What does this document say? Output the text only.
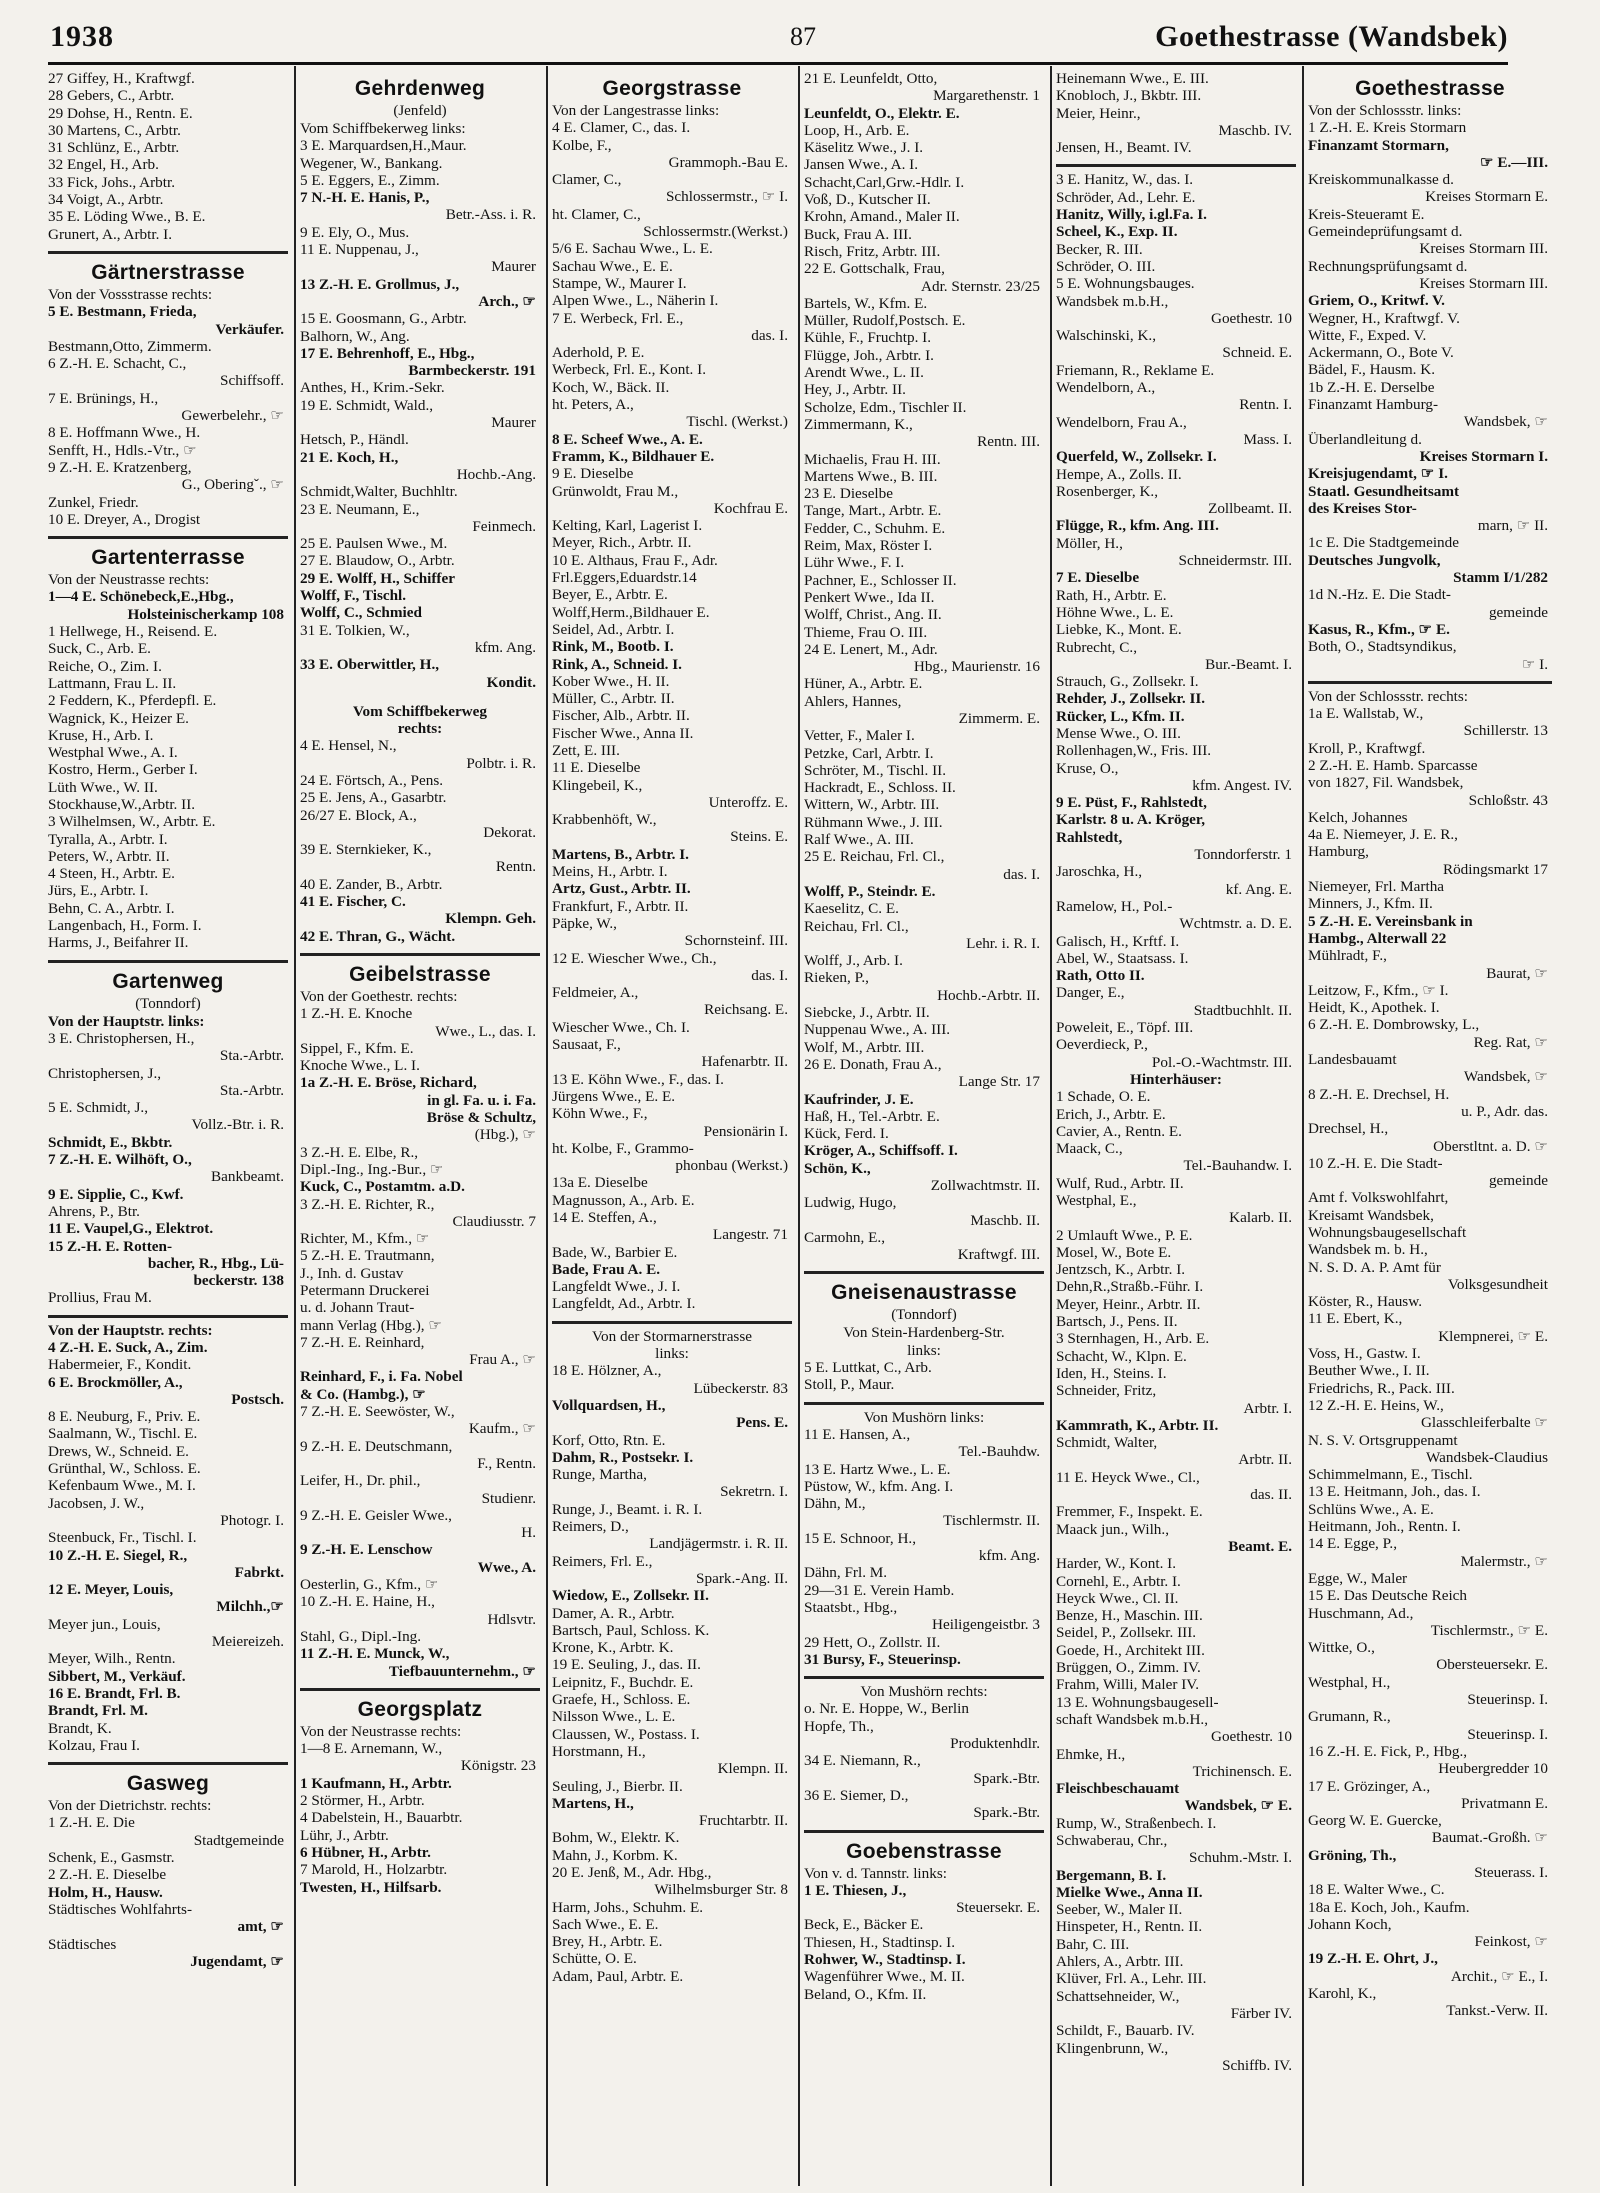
1938	87	Goethestrasse (Wandsbek)
27 Giffey, H., Kraftwgf.
28 Gebers, C., Arbtr.
29 Dohse, H., Rentn. E.
30 Martens, C., Arbtr.
31 Schlünz, E., Arbtr.
32 Engel, H., Arb.
33 Fick, Johs., Arbtr.
34 Voigt, A., Arbtr.
35 E. Löding Wwe., B. E.
Grunert, A., Arbtr. I.
Gärtnerstrasse
Von der Vossstrasse rechts:
5 E. Bestmann, Frieda,
Verkäufer.
Bestmann,Otto, Zimmerm.
6 Z.-H. E. Schacht, C.,
Schiffsoff.
7 E. Brünings, H.,
Gewerbelehr., ☞
8 E. Hoffmann Wwe., H.
Senfft, H., Hdls.-Vtr., ☞
9 Z.-H. E. Kratzenberg,
G., Oberingˇ., ☞
Zunkel, Friedr.
10 E. Dreyer, A., Drogist
Gartenterrasse
Von der Neustrasse rechts:
1—4 E. Schönebeck,E.,Hbg.,
Holsteinischerkamp 108
1 Hellwege, H., Reisend. E.
Suck, C., Arb. E.
Reiche, O., Zim. I.
Lattmann, Frau L. II.
2 Feddern, K., Pferdepfl. E.
Wagnick, K., Heizer E.
Kruse, H., Arb. I.
Westphal Wwe., A. I.
Kostro, Herm., Gerber I.
Lüth Wwe., W. II.
Stockhause,W.,Arbtr. II.
3 Wilhelmsen, W., Arbtr. E.
Tyralla, A., Arbtr. I.
Peters, W., Arbtr. II.
4 Steen, H., Arbtr. E.
Jürs, E., Arbtr. I.
Behn, C. A., Arbtr. I.
Langenbach, H., Form. I.
Harms, J., Beifahrer II.
Gartenweg
(Tonndorf)
Von der Hauptstr. links:
3 E. Christophersen, H.,
Sta.-Arbtr.
Christophersen, J.,
Sta.-Arbtr.
5 E. Schmidt, J.,
Vollz.-Btr. i. R.
Schmidt, E., Bkbtr.
7 Z.-H. E. Wilhöft, O.,
Bankbeamt.
9 E. Sipplie, C., Kwf.
Ahrens, P., Btr.
11 E. Vaupel,G., Elektrot.
15 Z.-H. E. Rotten-
bacher, R., Hbg., Lü-
beckerstr. 138
Prollius, Frau M.
Von der Hauptstr. rechts:
4 Z.-H. E. Suck, A., Zim.
Habermeier, F., Kondit.
6 E. Brockmöller, A.,
Postsch.
8 E. Neuburg, F., Priv. E.
Saalmann, W., Tischl. E.
Drews, W., Schneid. E.
Grünthal, W., Schloss. E.
Kefenbaum Wwe., M. I.
Jacobsen, J. W.,
Photogr. I.
Steenbuck, Fr., Tischl. I.
10 Z.-H. E. Siegel, R.,
Fabrkt.
12 E. Meyer, Louis,
Milchh.,☞
Meyer jun., Louis,
Meiereizeh.
Meyer, Wilh., Rentn.
Sibbert, M., Verkäuf.
16 E. Brandt, Frl. B.
Brandt, Frl. M.
Brandt, K.
Kolzau, Frau I.
Gasweg
Von der Dietrichstr. rechts:
1 Z.-H. E. Die
Stadtgemeinde
Schenk, E., Gasmstr.
2 Z.-H. E. Dieselbe
Holm, H., Hausw.
Städtisches Wohlfahrts-
amt, ☞
Städtisches
Jugendamt, ☞
Gehrdenweg
(Jenfeld)
Vom Schiffbekerweg links:
3 E. Marquardsen,H.,Maur.
Wegener, W., Bankang.
5 E. Eggers, E., Zimm.
7 N.-H. E. Hanis, P.,
Betr.-Ass. i. R.
9 E. Ely, O., Mus.
11 E. Nuppenau, J.,
Maurer
13 Z.-H. E. Grollmus, J.,
Arch., ☞
15 E. Goosmann, G., Arbtr.
Balhorn, W., Ang.
17 E. Behrenhoff, E., Hbg.,
Barmbeckerstr. 191
Anthes, H., Krim.-Sekr.
19 E. Schmidt, Wald.,
Maurer
Hetsch, P., Händl.
21 E. Koch, H.,
Hochb.-Ang.
Schmidt,Walter, Buchhltr.
23 E. Neumann, E.,
Feinmech.
25 E. Paulsen Wwe., M.
27 E. Blaudow, O., Arbtr.
29 E. Wolff, H., Schiffer
Wolff, F., Tischl.
Wolff, C., Schmied
31 E. Tolkien, W.,
kfm. Ang.
33 E. Oberwittler, H.,
Kondit.
Vom Schiffbekerweg
rechts:
4 E. Hensel, N.,
Polbtr. i. R.
24 E. Förtsch, A., Pens.
25 E. Jens, A., Gasarbtr.
26/27 E. Block, A.,
Dekorat.
39 E. Sternkieker, K.,
Rentn.
40 E. Zander, B., Arbtr.
41 E. Fischer, C.
Klempn. Geh.
42 E. Thran, G., Wächt.
Geibelstrasse
Von der Goethestr. rechts:
1 Z.-H. E. Knoche
Wwe., L., das. I.
Sippel, F., Kfm. E.
Knoche Wwe., L. I.
1a Z.-H. E. Bröse, Richard,
in gl. Fa. u. i. Fa.
Bröse & Schultz,
(Hbg.), ☞
3 Z.-H. E. Elbe, R.,
Dipl.-Ing., Ing.-Bur., ☞
Kuck, C., Postamtm. a.D.
3 Z.-H. E. Richter, R.,
Claudiusstr. 7
Richter, M., Kfm., ☞
5 Z.-H. E. Trautmann,
J., Inh. d. Gustav
Petermann Druckerei
u. d. Johann Traut-
mann Verlag (Hbg.), ☞
7 Z.-H. E. Reinhard,
Frau A., ☞
Reinhard, F., i. Fa. Nobel
& Co. (Hambg.), ☞
7 Z.-H. E. Seewöster, W.,
Kaufm., ☞
9 Z.-H. E. Deutschmann,
F., Rentn.
Leifer, H., Dr. phil.,
Studienr.
9 Z.-H. E. Geisler Wwe.,
H.
9 Z.-H. E. Lenschow
Wwe., A.
Oesterlin, G., Kfm., ☞
10 Z.-H. E. Haine, H.,
Hdlsvtr.
Stahl, G., Dipl.-Ing.
11 Z.-H. E. Munck, W.,
Tiefbauunternehm., ☞
Georgsplatz
Von der Neustrasse rechts:
1—8 E. Arnemann, W.,
Königstr. 23
1 Kaufmann, H., Arbtr.
2 Störmer, H., Arbtr.
4 Dabelstein, H., Bauarbtr.
Lühr, J., Arbtr.
6 Hübner, H., Arbtr.
7 Marold, H., Holzarbtr.
Twesten, H., Hilfsarb.
Georgstrasse
Von der Langestrasse links:
4 E. Clamer, C., das. I.
Kolbe, F.,
Grammoph.-Bau E.
Clamer, C.,
Schlossermstr., ☞ I.
ht. Clamer, C.,
Schlossermstr.(Werkst.)
5/6 E. Sachau Wwe., L. E.
Sachau Wwe., E. E.
Stampe, W., Maurer I.
Alpen Wwe., L., Näherin I.
7 E. Werbeck, Frl. E.,
das. I.
Aderhold, P. E.
Werbeck, Frl. E., Kont. I.
Koch, W., Bäck. II.
ht. Peters, A.,
Tischl. (Werkst.)
8 E. Scheef Wwe., A. E.
Framm, K., Bildhauer E.
9 E. Dieselbe
Grünwoldt, Frau M.,
Kochfrau E.
Kelting, Karl, Lagerist I.
Meyer, Rich., Arbtr. II.
10 E. Althaus, Frau F., Adr.
Frl.Eggers,Eduardstr.14
Beyer, E., Arbtr. E.
Wolff,Herm.,Bildhauer E.
Seidel, Ad., Arbtr. I.
Rink, M., Bootb. I.
Rink, A., Schneid. I.
Kober Wwe., H. II.
Müller, C., Arbtr. II.
Fischer, Alb., Arbtr. II.
Fischer Wwe., Anna II.
Zett, E. III.
11 E. Dieselbe
Klingebeil, K.,
Unteroffz. E.
Krabbenhöft, W.,
Steins. E.
Martens, B., Arbtr. I.
Meins, H., Arbtr. I.
Artz, Gust., Arbtr. II.
Frankfurt, F., Arbtr. II.
Päpke, W.,
Schornsteinf. III.
12 E. Wiescher Wwe., Ch.,
das. I.
Feldmeier, A.,
Reichsang. E.
Wiescher Wwe., Ch. I.
Sausaat, F.,
Hafenarbtr. II.
13 E. Köhn Wwe., F., das. I.
Jürgens Wwe., E. E.
Köhn Wwe., F.,
Pensionärin I.
ht. Kolbe, F., Grammo-
phonbau (Werkst.)
13a E. Dieselbe
Magnusson, A., Arb. E.
14 E. Steffen, A.,
Langestr. 71
Bade, W., Barbier E.
Bade, Frau A. E.
Langfeldt Wwe., J. I.
Langfeldt, Ad., Arbtr. I.
Von der Stormarnerstrasse
links:
18 E. Hölzner, A.,
Lübeckerstr. 83
Vollquardsen, H.,
Pens. E.
Korf, Otto, Rtn. E.
Dahm, R., Postsekr. I.
Runge, Martha,
Sekretrn. I.
Runge, J., Beamt. i. R. I.
Reimers, D.,
Landjägermstr. i. R. II.
Reimers, Frl. E.,
Spark.-Ang. II.
Wiedow, E., Zollsekr. II.
Damer, A. R., Arbtr.
Bartsch, Paul, Schloss. K.
Krone, K., Arbtr. K.
19 E. Seuling, J., das. II.
Leipnitz, F., Buchdr. E.
Graefe, H., Schloss. E.
Nilsson Wwe., L. E.
Claussen, W., Postass. I.
Horstmann, H.,
Klempn. II.
Seuling, J., Bierbr. II.
Martens, H.,
Fruchtarbtr. II.
Bohm, W., Elektr. K.
Mahn, J., Korbm. K.
20 E. Jenß, M., Adr. Hbg.,
Wilhelmsburger Str. 8
Harm, Johs., Schuhm. E.
Sach Wwe., E. E.
Brey, H., Arbtr. E.
Schütte, O. E.
Adam, Paul, Arbtr. E.
21 E. Leunfeldt, Otto,
Margarethenstr. 1
Leunfeldt, O., Elektr. E.
Loop, H., Arb. E.
Käselitz Wwe., J. I.
Jansen Wwe., A. I.
Schacht,Carl,Grw.-Hdlr. I.
Voß, D., Kutscher II.
Krohn, Amand., Maler II.
Buck, Frau A. III.
Risch, Fritz, Arbtr. III.
22 E. Gottschalk, Frau,
Adr. Sternstr. 23/25
Bartels, W., Kfm. E.
Müller, Rudolf,Postsch. E.
Kühle, F., Fruchtp. I.
Flügge, Joh., Arbtr. I.
Arendt Wwe., L. II.
Hey, J., Arbtr. II.
Scholze, Edm., Tischler II.
Zimmermann, K.,
Rentn. III.
Michaelis, Frau H. III.
Martens Wwe., B. III.
23 E. Dieselbe
Tange, Mart., Arbtr. E.
Fedder, C., Schuhm. E.
Reim, Max, Röster I.
Lühr Wwe., F. I.
Pachner, E., Schlosser II.
Penkert Wwe., Ida II.
Wolff, Christ., Ang. II.
Thieme, Frau O. III.
24 E. Lenert, M., Adr.
Hbg., Maurienstr. 16
Hüner, A., Arbtr. E.
Ahlers, Hannes,
Zimmerm. E.
Vetter, F., Maler I.
Petzke, Carl, Arbtr. I.
Schröter, M., Tischl. II.
Hackradt, E., Schloss. II.
Wittern, W., Arbtr. III.
Rühmann Wwe., J. III.
Ralf Wwe., A. III.
25 E. Reichau, Frl. Cl.,
das. I.
Wolff, P., Steindr. E.
Kaeselitz, C. E.
Reichau, Frl. Cl.,
Lehr. i. R. I.
Wolff, J., Arb. I.
Rieken, P.,
Hochb.-Arbtr. II.
Siebcke, J., Arbtr. II.
Nuppenau Wwe., A. III.
Wolf, M., Arbtr. III.
26 E. Donath, Frau A.,
Lange Str. 17
Kaufrinder, J. E.
Haß, H., Tel.-Arbtr. E.
Kück, Ferd. I.
Kröger, A., Schiffsoff. I.
Schön, K.,
Zollwachtmstr. II.
Ludwig, Hugo,
Maschb. II.
Carmohn, E.,
Kraftwgf. III.
Gneisenaustrasse
(Tonndorf)
Von Stein-Hardenberg-Str.
links:
5 E. Luttkat, C., Arb.
Stoll, P., Maur.
Von Mushörn links:
11 E. Hansen, A.,
Tel.-Bauhdw.
13 E. Hartz Wwe., L. E.
Püstow, W., kfm. Ang. I.
Dähn, M.,
Tischlermstr. II.
15 E. Schnoor, H.,
kfm. Ang.
Dähn, Frl. M.
29—31 E. Verein Hamb.
Staatsbt., Hbg.,
Heiligengeistbr. 3
29 Hett, O., Zollstr. II.
31 Bursy, F., Steuerinsp.
Von Mushörn rechts:
o. Nr. E. Hoppe, W., Berlin
Hopfe, Th.,
Produktenhdlr.
34 E. Niemann, R.,
Spark.-Btr.
36 E. Siemer, D.,
Spark.-Btr.
Goebenstrasse
Von v. d. Tannstr. links:
1 E. Thiesen, J.,
Steuersekr. E.
Beck, E., Bäcker E.
Thiesen, H., Stadtinsp. I.
Rohwer, W., Stadtinsp. I.
Wagenführer Wwe., M. II.
Beland, O., Kfm. II.
Heinemann Wwe., E. III.
Knobloch, J., Bkbtr. III.
Meier, Heinr.,
Maschb. IV.
Jensen, H., Beamt. IV.
3 E. Hanitz, W., das. I.
Schröder, Ad., Lehr. E.
Hanitz, Willy, i.gl.Fa. I.
Scheel, K., Exp. II.
Becker, R. III.
Schröder, O. III.
5 E. Wohnungsbauges.
Wandsbek m.b.H.,
Goethestr. 10
Walschinski, K.,
Schneid. E.
Friemann, R., Reklame E.
Wendelborn, A.,
Rentn. I.
Wendelborn, Frau A.,
Mass. I.
Querfeld, W., Zollsekr. I.
Hempe, A., Zolls. II.
Rosenberger, K.,
Zollbeamt. II.
Flügge, R., kfm. Ang. III.
Möller, H.,
Schneidermstr. III.
7 E. Dieselbe
Rath, H., Arbtr. E.
Höhne Wwe., L. E.
Liebke, K., Mont. E.
Rubrecht, C.,
Bur.-Beamt. I.
Strauch, G., Zollsekr. I.
Rehder, J., Zollsekr. II.
Rücker, L., Kfm. II.
Mense Wwe., O. III.
Rollenhagen,W., Fris. III.
Kruse, O.,
kfm. Angest. IV.
9 E. Püst, F., Rahlstedt,
Karlstr. 8 u. A. Kröger,
Rahlstedt,
Tonndorferstr. 1
Jaroschka, H.,
kf. Ang. E.
Ramelow, H., Pol.-
Wchtmstr. a. D. E.
Galisch, H., Krftf. I.
Abel, W., Staatsass. I.
Rath, Otto II.
Danger, E.,
Stadtbuchhlt. II.
Poweleit, E., Töpf. III.
Oeverdieck, P.,
Pol.-O.-Wachtmstr. III.
Hinterhäuser:
1 Schade, O. E.
Erich, J., Arbtr. E.
Cavier, A., Rentn. E.
Maack, C.,
Tel.-Bauhandw. I.
Wulf, Rud., Arbtr. II.
Westphal, E.,
Kalarb. II.
2 Umlauft Wwe., P. E.
Mosel, W., Bote E.
Jentzsch, K., Arbtr. I.
Dehn,R.,Straßb.-Führ. I.
Meyer, Heinr., Arbtr. II.
Bartsch, J., Pens. II.
3 Sternhagen, H., Arb. E.
Schacht, W., Klpn. E.
Iden, H., Steins. I.
Schneider, Fritz,
Arbtr. I.
Kammrath, K., Arbtr. II.
Schmidt, Walter,
Arbtr. II.
11 E. Heyck Wwe., Cl.,
das. II.
Fremmer, F., Inspekt. E.
Maack jun., Wilh.,
Beamt. E.
Harder, W., Kont. I.
Cornehl, E., Arbtr. I.
Heyck Wwe., Cl. II.
Benze, H., Maschin. III.
Seidel, P., Zollsekr. III.
Goede, H., Architekt III.
Brüggen, O., Zimm. IV.
Frahm, Willi, Maler IV.
13 E. Wohnungsbaugesell-
schaft Wandsbek m.b.H.,
Goethestr. 10
Ehmke, H.,
Trichinensch. E.
Fleischbeschauamt
Wandsbek, ☞ E.
Rump, W., Straßenbech. I.
Schwaberau, Chr.,
Schuhm.-Mstr. I.
Bergemann, B. I.
Mielke Wwe., Anna II.
Seeber, W., Maler II.
Hinspeter, H., Rentn. II.
Bahr, C. III.
Ahlers, A., Arbtr. III.
Klüver, Frl. A., Lehr. III.
Schattsehneider, W.,
Färber IV.
Schildt, F., Bauarb. IV.
Klingenbrunn, W.,
Schiffb. IV.
Goethestrasse
Von der Schlossstr. links:
1 Z.-H. E. Kreis Stormarn
Finanzamt Stormarn,
☞ E.—III.
Kreiskommunalkasse d.
Kreises Stormarn E.
Kreis-Steueramt E.
Gemeindeprüfungsamt d.
Kreises Stormarn III.
Rechnungsprüfungsamt d.
Kreises Stormarn III.
Griem, O., Kritwf. V.
Wegner, H., Kraftwgf. V.
Witte, F., Exped. V.
Ackermann, O., Bote V.
Bädel, F., Hausm. K.
1b Z.-H. E. Derselbe
Finanzamt Hamburg-
Wandsbek, ☞
Überlandleitung d.
Kreises Stormarn I.
Kreisjugendamt, ☞ I.
Staatl. Gesundheitsamt
des Kreises Stor-
marn, ☞ II.
1c E. Die Stadtgemeinde
Deutsches Jungvolk,
Stamm I/1/282
1d N.-Hz. E. Die Stadt-
gemeinde
Kasus, R., Kfm., ☞ E.
Both, O., Stadtsyndikus,
☞ I.
Von der Schlossstr. rechts:
1a E. Wallstab, W.,
Schillerstr. 13
Kroll, P., Kraftwgf.
2 Z.-H. E. Hamb. Sparcasse
von 1827, Fil. Wandsbek,
Schloßstr. 43
Kelch, Johannes
4a E. Niemeyer, J. E. R.,
Hamburg,
Rödingsmarkt 17
Niemeyer, Frl. Martha
Minners, J., Kfm. II.
5 Z.-H. E. Vereinsbank in
Hambg., Alterwall 22
Mühlradt, F.,
Baurat, ☞
Leitzow, F., Kfm., ☞ I.
Heidt, K., Apothek. I.
6 Z.-H. E. Dombrowsky, L.,
Reg. Rat, ☞
Landesbauamt
Wandsbek, ☞
8 Z.-H. E. Drechsel, H.
u. P., Adr. das.
Drechsel, H.,
Oberstltnt. a. D. ☞
10 Z.-H. E. Die Stadt-
gemeinde
Amt f. Volkswohlfahrt,
Kreisamt Wandsbek,
Wohnungsbaugesellschaft
Wandsbek m. b. H.,
N. S. D. A. P. Amt für
Volksgesundheit
Köster, R., Hausw.
11 E. Ebert, K.,
Klempnerei, ☞ E.
Voss, H., Gastw. I.
Beuther Wwe., I. II.
Friedrichs, R., Pack. III.
12 Z.-H. E. Heins, W.,
Glasschleiferbalte ☞
N. S. V. Ortsgruppenamt
Wandsbek-Claudius
Schimmelmann, E., Tischl.
13 E. Heitmann, Joh., das. I.
Schlüns Wwe., A. E.
Heitmann, Joh., Rentn. I.
14 E. Egge, P.,
Malermstr., ☞
Egge, W., Maler
15 E. Das Deutsche Reich
Huschmann, Ad.,
Tischlermstr., ☞ E.
Wittke, O.,
Obersteuersekr. E.
Westphal, H.,
Steuerinsp. I.
Grumann, R.,
Steuerinsp. I.
16 Z.-H. E. Fick, P., Hbg.,
Heubergredder 10
17 E. Grözinger, A.,
Privatmann E.
Georg W. E. Guercke,
Baumat.-Großh. ☞
Gröning, Th.,
Steuerass. I.
18 E. Walter Wwe., C.
18a E. Koch, Joh., Kaufm.
Johann Koch,
Feinkost, ☞
19 Z.-H. E. Ohrt, J.,
Archit., ☞ E., I.
Karohl, K.,
Tankst.-Verw. II.
